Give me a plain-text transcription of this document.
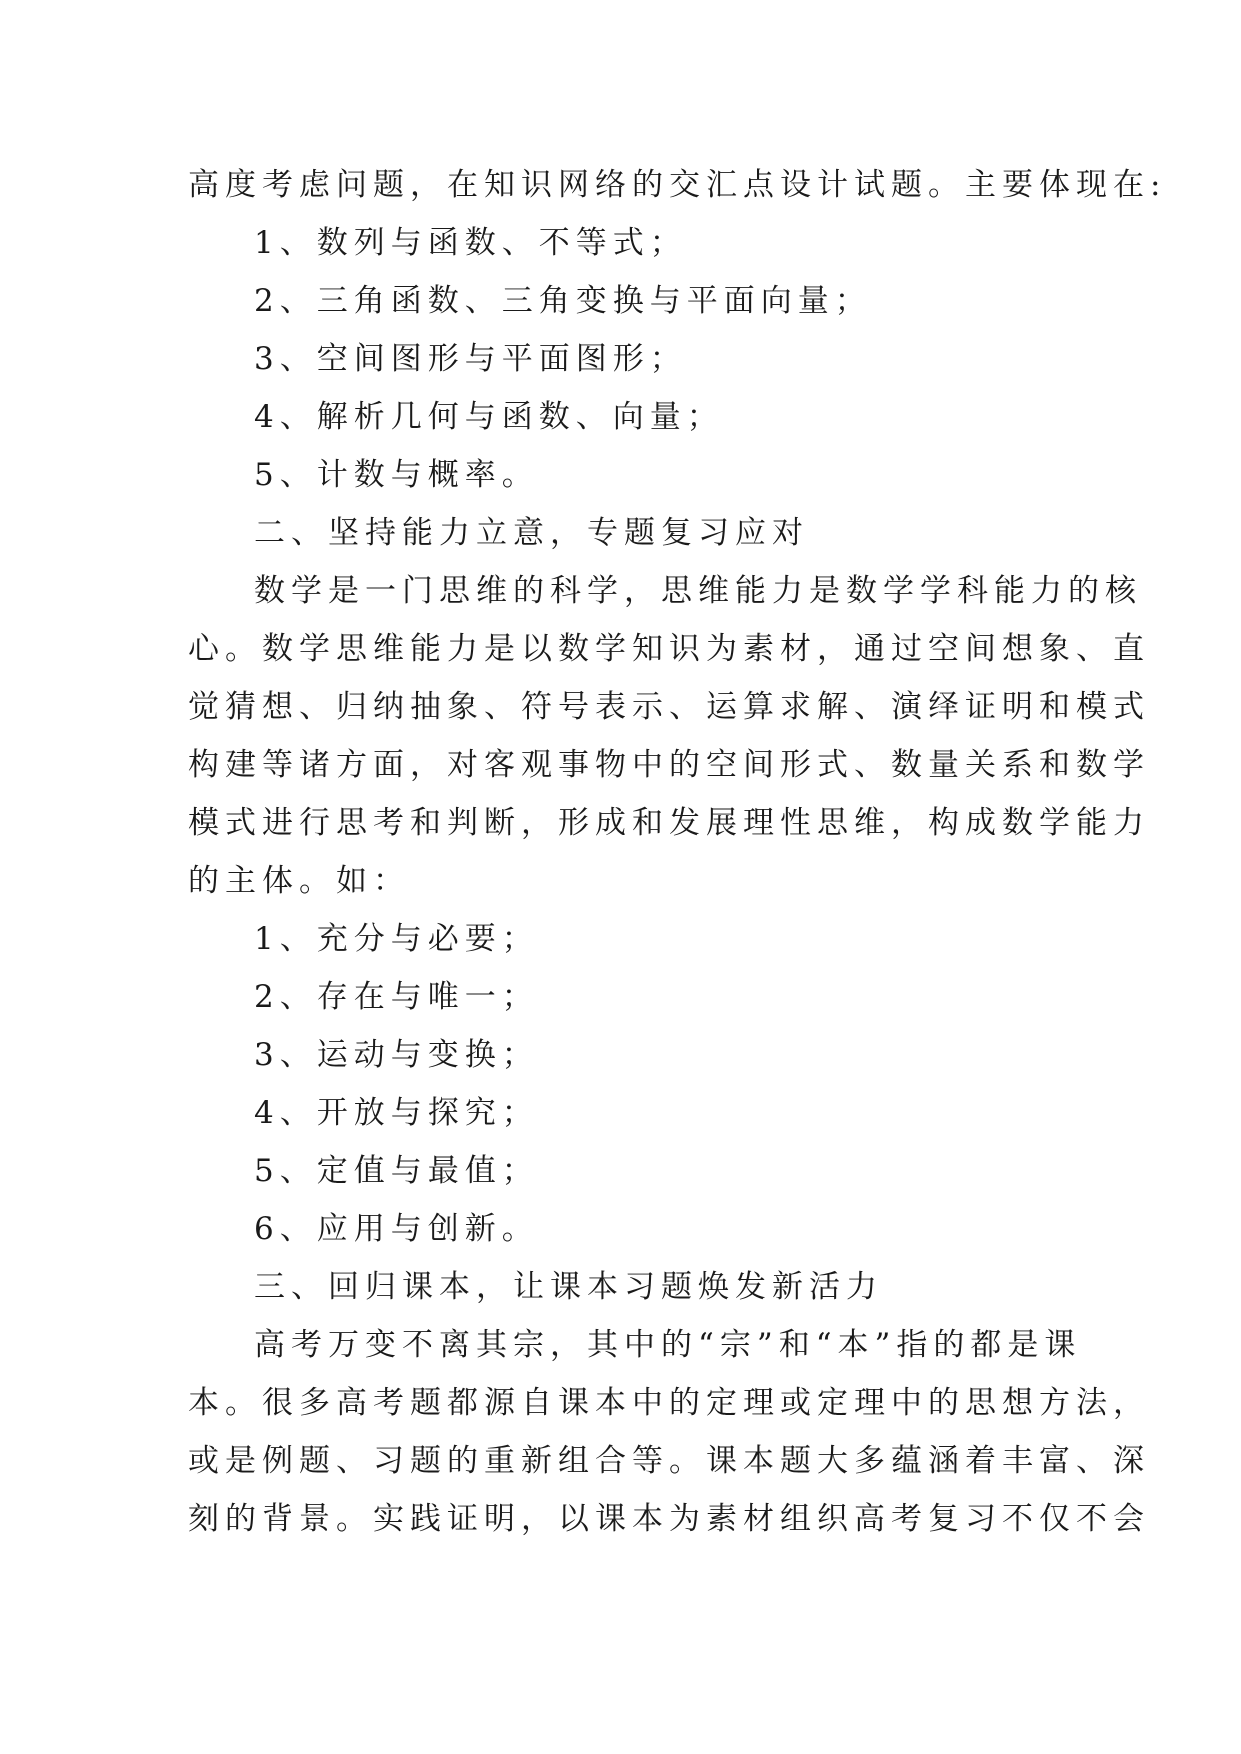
高度考虑问题，在知识网络的交汇点设计试题。主要体现在:
1、数列与函数、不等式；
2、三角函数、三角变换与平面向量；
3、空间图形与平面图形；
4、解析几何与函数、向量；
5、计数与概率。
二、坚持能力立意，专题复习应对
数学是一门思维的科学，思维能力是数学学科能力的核
心。数学思维能力是以数学知识为素材，通过空间想象、直
觉猜想、归纳抽象、符号表示、运算求解、演绎证明和模式
构建等诸方面，对客观事物中的空间形式、数量关系和数学
模式进行思考和判断，形成和发展理性思维，构成数学能力
的主体。如：
1、充分与必要；
2、存在与唯一；
3、运动与变换；
4、开放与探究；
5、定值与最值；
6、应用与创新。
三、回归课本，让课本习题焕发新活力
高考万变不离其宗，其中的“宗”和“本”指的都是课
本。很多高考题都源自课本中的定理或定理中的思想方法，
或是例题、习题的重新组合等。课本题大多蕴涵着丰富、深
刻的背景。实践证明，以课本为素材组织高考复习不仅不会
